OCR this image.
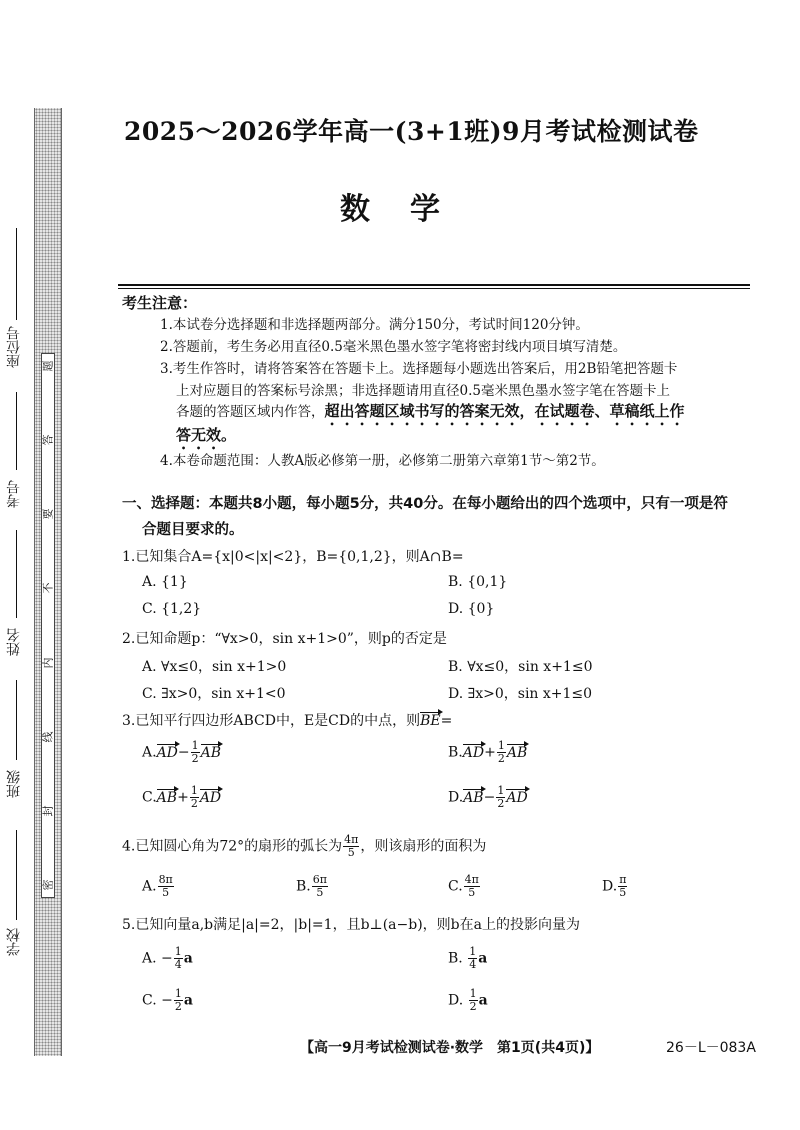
座位号
考号
姓名
班级
学校
密
封
线
内
不
要
答
题
2025～2026学年高一(3+1班)9月考试检测试卷
数学
考生注意：
1.本试卷分选择题和非选择题两部分。满分150分，考试时间120分钟。
2.答题前，考生务必用直径0.5毫米黑色墨水签字笔将密封线内项目填写清楚。
3.考生作答时，请将答案答在答题卡上。选择题每小题选出答案后，用2B铅笔把答题卡
上对应题目的答案标号涂黑；非选择题请用直径0.5毫米黑色墨水签字笔在答题卡上
各题的答题区域内作答，超出答题区域书写的答案无效，在试题卷、草稿纸上作
答无效。
4.本卷命题范围：人教A版必修第一册，必修第二册第六章第1节～第2节。
一、选择题：本题共8小题，每小题5分，共40分。在每小题给出的四个选项中，只有一项是符
合题目要求的。
1.已知集合A={x|0<|x|<2}，B={0,1,2}，则A∩B=
A. {1}	B. {0,1}
C. {1,2}	D. {0}
2.已知命题p：“∀x>0，sin x+1>0”，则p的否定是
A. ∀x≤0，sin x+1>0	B. ∀x≤0，sin x+1≤0
C. ∃x>0，sin x+1<0	D. ∃x>0，sin x+1≤0
3.已知平行四边形ABCD中，E是CD的中点，则BE=
$A.AD- \frac{1}{2}$ AB	$B.AD+ \frac{1}{2}$ AB
$C.AB+ \frac{1}{2}$ AD	$D.AB- \frac{1}{2}$ AD
4.已知圆心角为72°的扇形的弧长为 $\frac{4\pi}{5}$ ，则该扇形的面积为
A. $\frac{8\pi}{5}$	B. $\frac{6\pi}{5}$	C. $\frac{4\pi}{5}$	D. $\frac{\pi}{5}$
5.已知向量a,b满足|a|=2，|b|=1，且b⊥(a−b)，则b在a上的投影向量为
A. − $\frac{1}{4}$ a	B. $\frac{1}{4}$ a
C. − $\frac{1}{2}$ a	D. $\frac{1}{2}$ a
【高一9月考试检测试卷·数学　第1页(共4页)】	26－L－083A
